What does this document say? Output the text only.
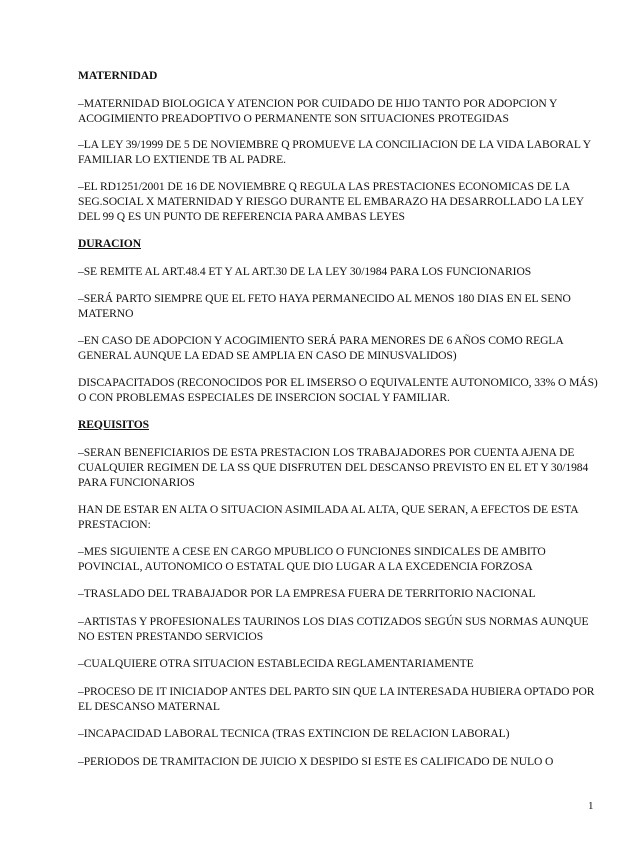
MATERNIDAD

–MATERNIDAD BIOLOGICA Y ATENCION POR CUIDADO DE HIJO TANTO POR ADOPCION Y ACOGIMIENTO PREADOPTIVO O PERMANENTE SON SITUACIONES PROTEGIDAS

–LA LEY 39/1999 DE 5 DE NOVIEMBRE Q PROMUEVE LA CONCILIACION DE LA VIDA LABORAL Y FAMILIAR LO EXTIENDE TB AL PADRE.

–EL RD1251/2001 DE 16 DE NOVIEMBRE Q REGULA LAS PRESTACIONES ECONOMICAS DE LA SEG.SOCIAL X MATERNIDAD Y RIESGO DURANTE EL EMBARAZO HA DESARROLLADO LA LEY DEL 99 Q ES UN PUNTO DE REFERENCIA PARA AMBAS LEYES

DURACION

–SE REMITE AL ART.48.4 ET Y AL ART.30 DE LA LEY 30/1984 PARA LOS FUNCIONARIOS

–SERÁ PARTO SIEMPRE QUE EL FETO HAYA PERMANECIDO AL MENOS 180 DIAS EN EL SENO MATERNO

–EN CASO DE ADOPCION Y ACOGIMIENTO SERÁ PARA MENORES DE 6 AÑOS COMO REGLA GENERAL AUNQUE LA EDAD SE AMPLIA EN CASO DE MINUSVALIDOS)

DISCAPACITADOS (RECONOCIDOS POR EL IMSERSO O EQUIVALENTE AUTONOMICO, 33% O MÁS) O CON PROBLEMAS ESPECIALES DE INSERCION SOCIAL Y FAMILIAR.

REQUISITOS

–SERAN BENEFICIARIOS DE ESTA PRESTACION LOS TRABAJADORES POR CUENTA AJENA DE CUALQUIER REGIMEN DE LA SS QUE DISFRUTEN DEL DESCANSO PREVISTO EN EL ET Y 30/1984 PARA FUNCIONARIOS

HAN DE ESTAR EN ALTA O SITUACION ASIMILADA AL ALTA, QUE SERAN, A EFECTOS DE ESTA PRESTACION:

–MES SIGUIENTE A CESE EN CARGO MPUBLICO O FUNCIONES SINDICALES DE AMBITO POVINCIAL, AUTONOMICO O ESTATAL QUE DIO LUGAR A LA EXCEDENCIA FORZOSA

–TRASLADO DEL TRABAJADOR POR LA EMPRESA FUERA DE TERRITORIO NACIONAL

–ARTISTAS Y PROFESIONALES TAURINOS LOS DIAS COTIZADOS SEGÚN SUS NORMAS AUNQUE NO ESTEN PRESTANDO SERVICIOS

–CUALQUIERE OTRA SITUACION ESTABLECIDA REGLAMENTARIAMENTE

–PROCESO DE IT INICIADOP ANTES DEL PARTO SIN QUE LA INTERESADA HUBIERA OPTADO POR EL DESCANSO MATERNAL

–INCAPACIDAD LABORAL TECNICA (TRAS EXTINCION DE RELACION LABORAL)

–PERIODOS DE TRAMITACION DE JUICIO X DESPIDO SI ESTE ES CALIFICADO DE NULO O

1
